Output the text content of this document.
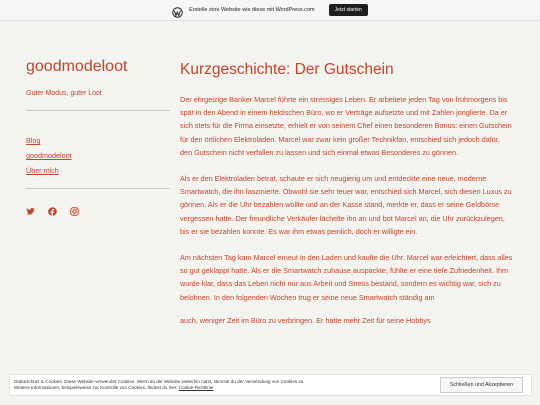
Erstelle eine Website wie diese mit WordPress.com	Jetzt starten
goodmodeloot
Guter Modus, guter Loot
Blog
goodmodeloot
Über mich
Kurzgeschichte: Der Gutschein

Der ehrgeizige Banker Marcel führte ein stressiges Leben. Er arbeitete jeden Tag von frühmorgens bis spät in den Abend in einem hektischen Büro, wo er Verträge aufsetzte und mit Zahlen jonglierte. Da er sich stets für die Firma einsetzte, erhielt er von seinem Chef einen besonderen Bonus: einen Gutschein für den örtlichen Elektroladen. Marcel war zwar kein großer Technikfan, entschied sich jedoch dafür, den Gutschein nicht verfallen zu lassen und sich einmal etwas Besonderes zu gönnen.

Als er den Elektroladen betrat, schaute er sich neugierig um und entdeckte eine neue, moderne Smartwatch, die ihn faszinierte. Obwohl sie sehr teuer war, entschied sich Marcel, sich diesen Luxus zu gönnen. Als er die Uhr bezahlen wollte und an der Kasse stand, merkte er, dass er seine Geldbörse vergessen hatte. Der freundliche Verkäufer lächelte ihn an und bot Marcel an, die Uhr zurückzulegen, bis er sie bezahlen konnte. Es war ihm etwas peinlich, doch er willigte ein.

Am nächsten Tag kam Marcel erneut in den Laden und kaufte die Uhr. Marcel war erleichtert, dass alles so gut geklappt hatte. Als er die Smartwatch zuhause auspackte, fühlte er eine tiefe Zufriedenheit. Ihm wurde klar, dass das Leben nicht nur aus Arbeit und Stress bestand, sondern es wichtig war, sich zu belohnen. In den folgenden Wochen trug er seine neue Smartwatch ständig am

auch, weniger Zeit im Büro zu verbringen. Er hatte mehr Zeit für seine Hobbys

Datenschutz & Cookies: Diese Website verwendet Cookies. Wenn du die Website weiterhin nutzt, stimmst du der Verwendung von Cookies zu.
Weitere Informationen, beispielsweise zur Kontrolle von Cookies, findest du hier: Cookie-Richtlinie	Schließen und Akzeptieren
